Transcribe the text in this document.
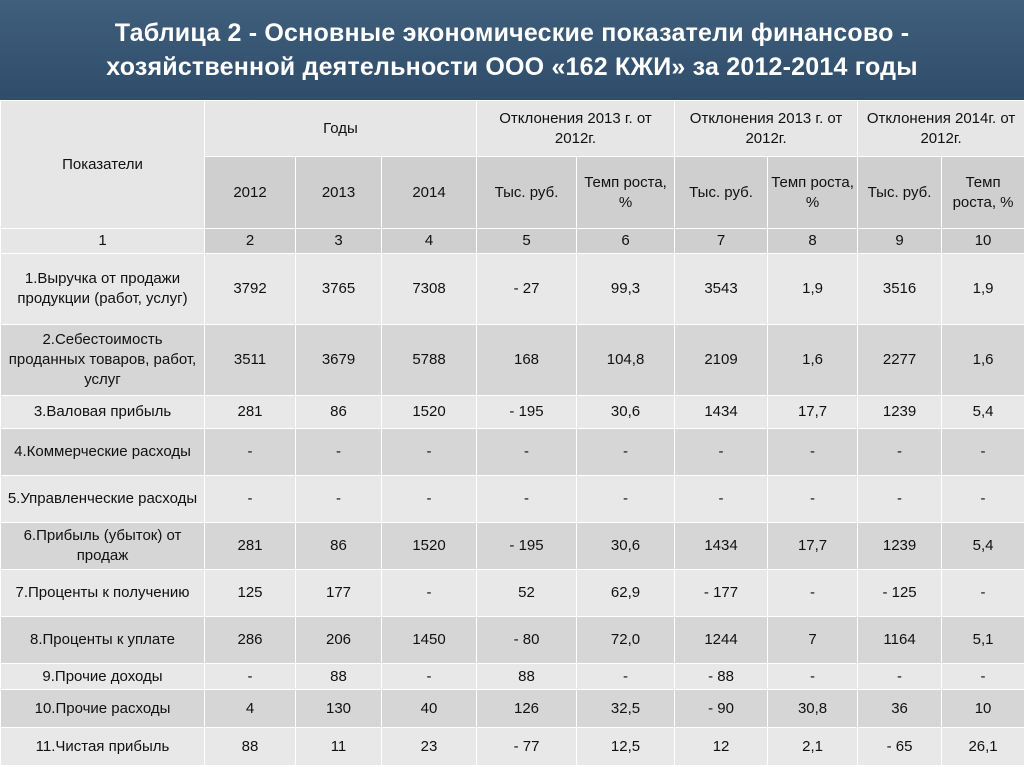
Таблица 2 - Основные экономические показатели финансово -
хозяйственной деятельности ООО «162 КЖИ» за 2012-2014 годы
Показатели	Годы			Отклонения 2013 г. от 2012г.		Отклонения 2013 г. от 2012г.		Отклонения 2014г. от 2012г.	
	2012	2013	2014	Тыс. руб.	Темп роста, %	Тыс. руб.	Темп роста, %	Тыс. руб.	Темп роста, %
1	2	3	4	5	6	7	8	9	10
1.Выручка от продажи продукции (работ, услуг)	3792	3765	7308	- 27	99,3	3543	1,9	3516	1,9
2.Себестоимость проданных товаров, работ, услуг	3511	3679	5788	168	104,8	2109	1,6	2277	1,6
3.Валовая прибыль	281	86	1520	- 195	30,6	1434	17,7	1239	5,4
4.Коммерческие расходы	-	-	-	-	-	-	-	-	-
5.Управленческие расходы	-	-	-	-	-	-	-	-	-
6.Прибыль (убыток) от продаж	281	86	1520	- 195	30,6	1434	17,7	1239	5,4
7.Проценты к получению	125	177	-	52	62,9	- 177	-	- 125	-
8.Проценты к уплате	286	206	1450	- 80	72,0	1244	7	1164	5,1
9.Прочие доходы	-	88	-	88	-	- 88	-	-	-
10.Прочие расходы	4	130	40	126	32,5	- 90	30,8	36	10
11.Чистая прибыль	88	11	23	- 77	12,5	12	2,1	- 65	26,1
